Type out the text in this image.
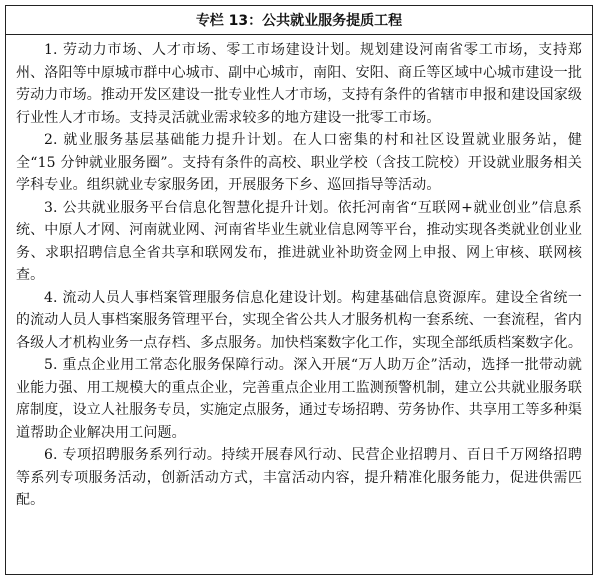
专栏 13：公共就业服务提质工程

1. 劳动力市场、人才市场、零工市场建设计划。规划建设河南省零工市场，支持郑州、洛阳等中原城市群中心城市、副中心城市，南阳、安阳、商丘等区域中心城市建设一批劳动力市场。推动开发区建设一批专业性人才市场，支持有条件的省辖市申报和建设国家级行业性人才市场。支持灵活就业需求较多的地方建设一批零工市场。

2. 就业服务基层基础能力提升计划。在人口密集的村和社区设置就业服务站，健全“15 分钟就业服务圈”。支持有条件的高校、职业学校（含技工院校）开设就业服务相关学科专业。组织就业专家服务团，开展服务下乡、巡回指导等活动。

3. 公共就业服务平台信息化智慧化提升计划。依托河南省“互联网+就业创业”信息系统、中原人才网、河南就业网、河南省毕业生就业信息网等平台，推动实现各类就业创业业务、求职招聘信息全省共享和联网发布，推进就业补助资金网上申报、网上审核、联网核查。

4. 流动人员人事档案管理服务信息化建设计划。构建基础信息资源库。建设全省统一的流动人员人事档案服务管理平台，实现全省公共人才服务机构一套系统、一套流程，省内各级人才机构业务一点存档、多点服务。加快档案数字化工作，实现全部纸质档案数字化。

5. 重点企业用工常态化服务保障行动。深入开展“万人助万企”活动，选择一批带动就业能力强、用工规模大的重点企业，完善重点企业用工监测预警机制，建立公共就业服务联席制度，设立人社服务专员，实施定点服务，通过专场招聘、劳务协作、共享用工等多种渠道帮助企业解决用工问题。

6. 专项招聘服务系列行动。持续开展春风行动、民营企业招聘月、百日千万网络招聘等系列专项服务活动，创新活动方式，丰富活动内容，提升精准化服务能力，促进供需匹配。
